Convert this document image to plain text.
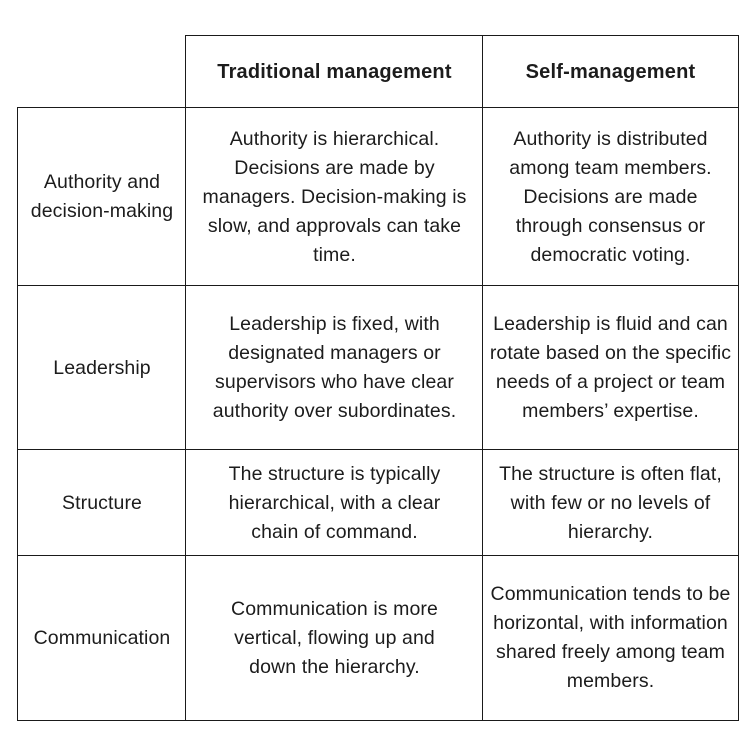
Traditional management	Self-management
Authority and decision-making
Authority is hierarchical. Decisions are made by managers. Decision-making is slow, and approvals can take time.
Authority is distributed among team members. Decisions are made through consensus or democratic voting.
Leadership
Leadership is fixed, with designated managers or supervisors who have clear authority over subordinates.
Leadership is fluid and can rotate based on the specific needs of a project or team members’ expertise.
Structure
The structure is typically hierarchical, with a clear chain of command.
The structure is often flat, with few or no levels of hierarchy.
Communication
Communication is more vertical, flowing up and down the hierarchy.
Communication tends to be horizontal, with information shared freely among team members.
